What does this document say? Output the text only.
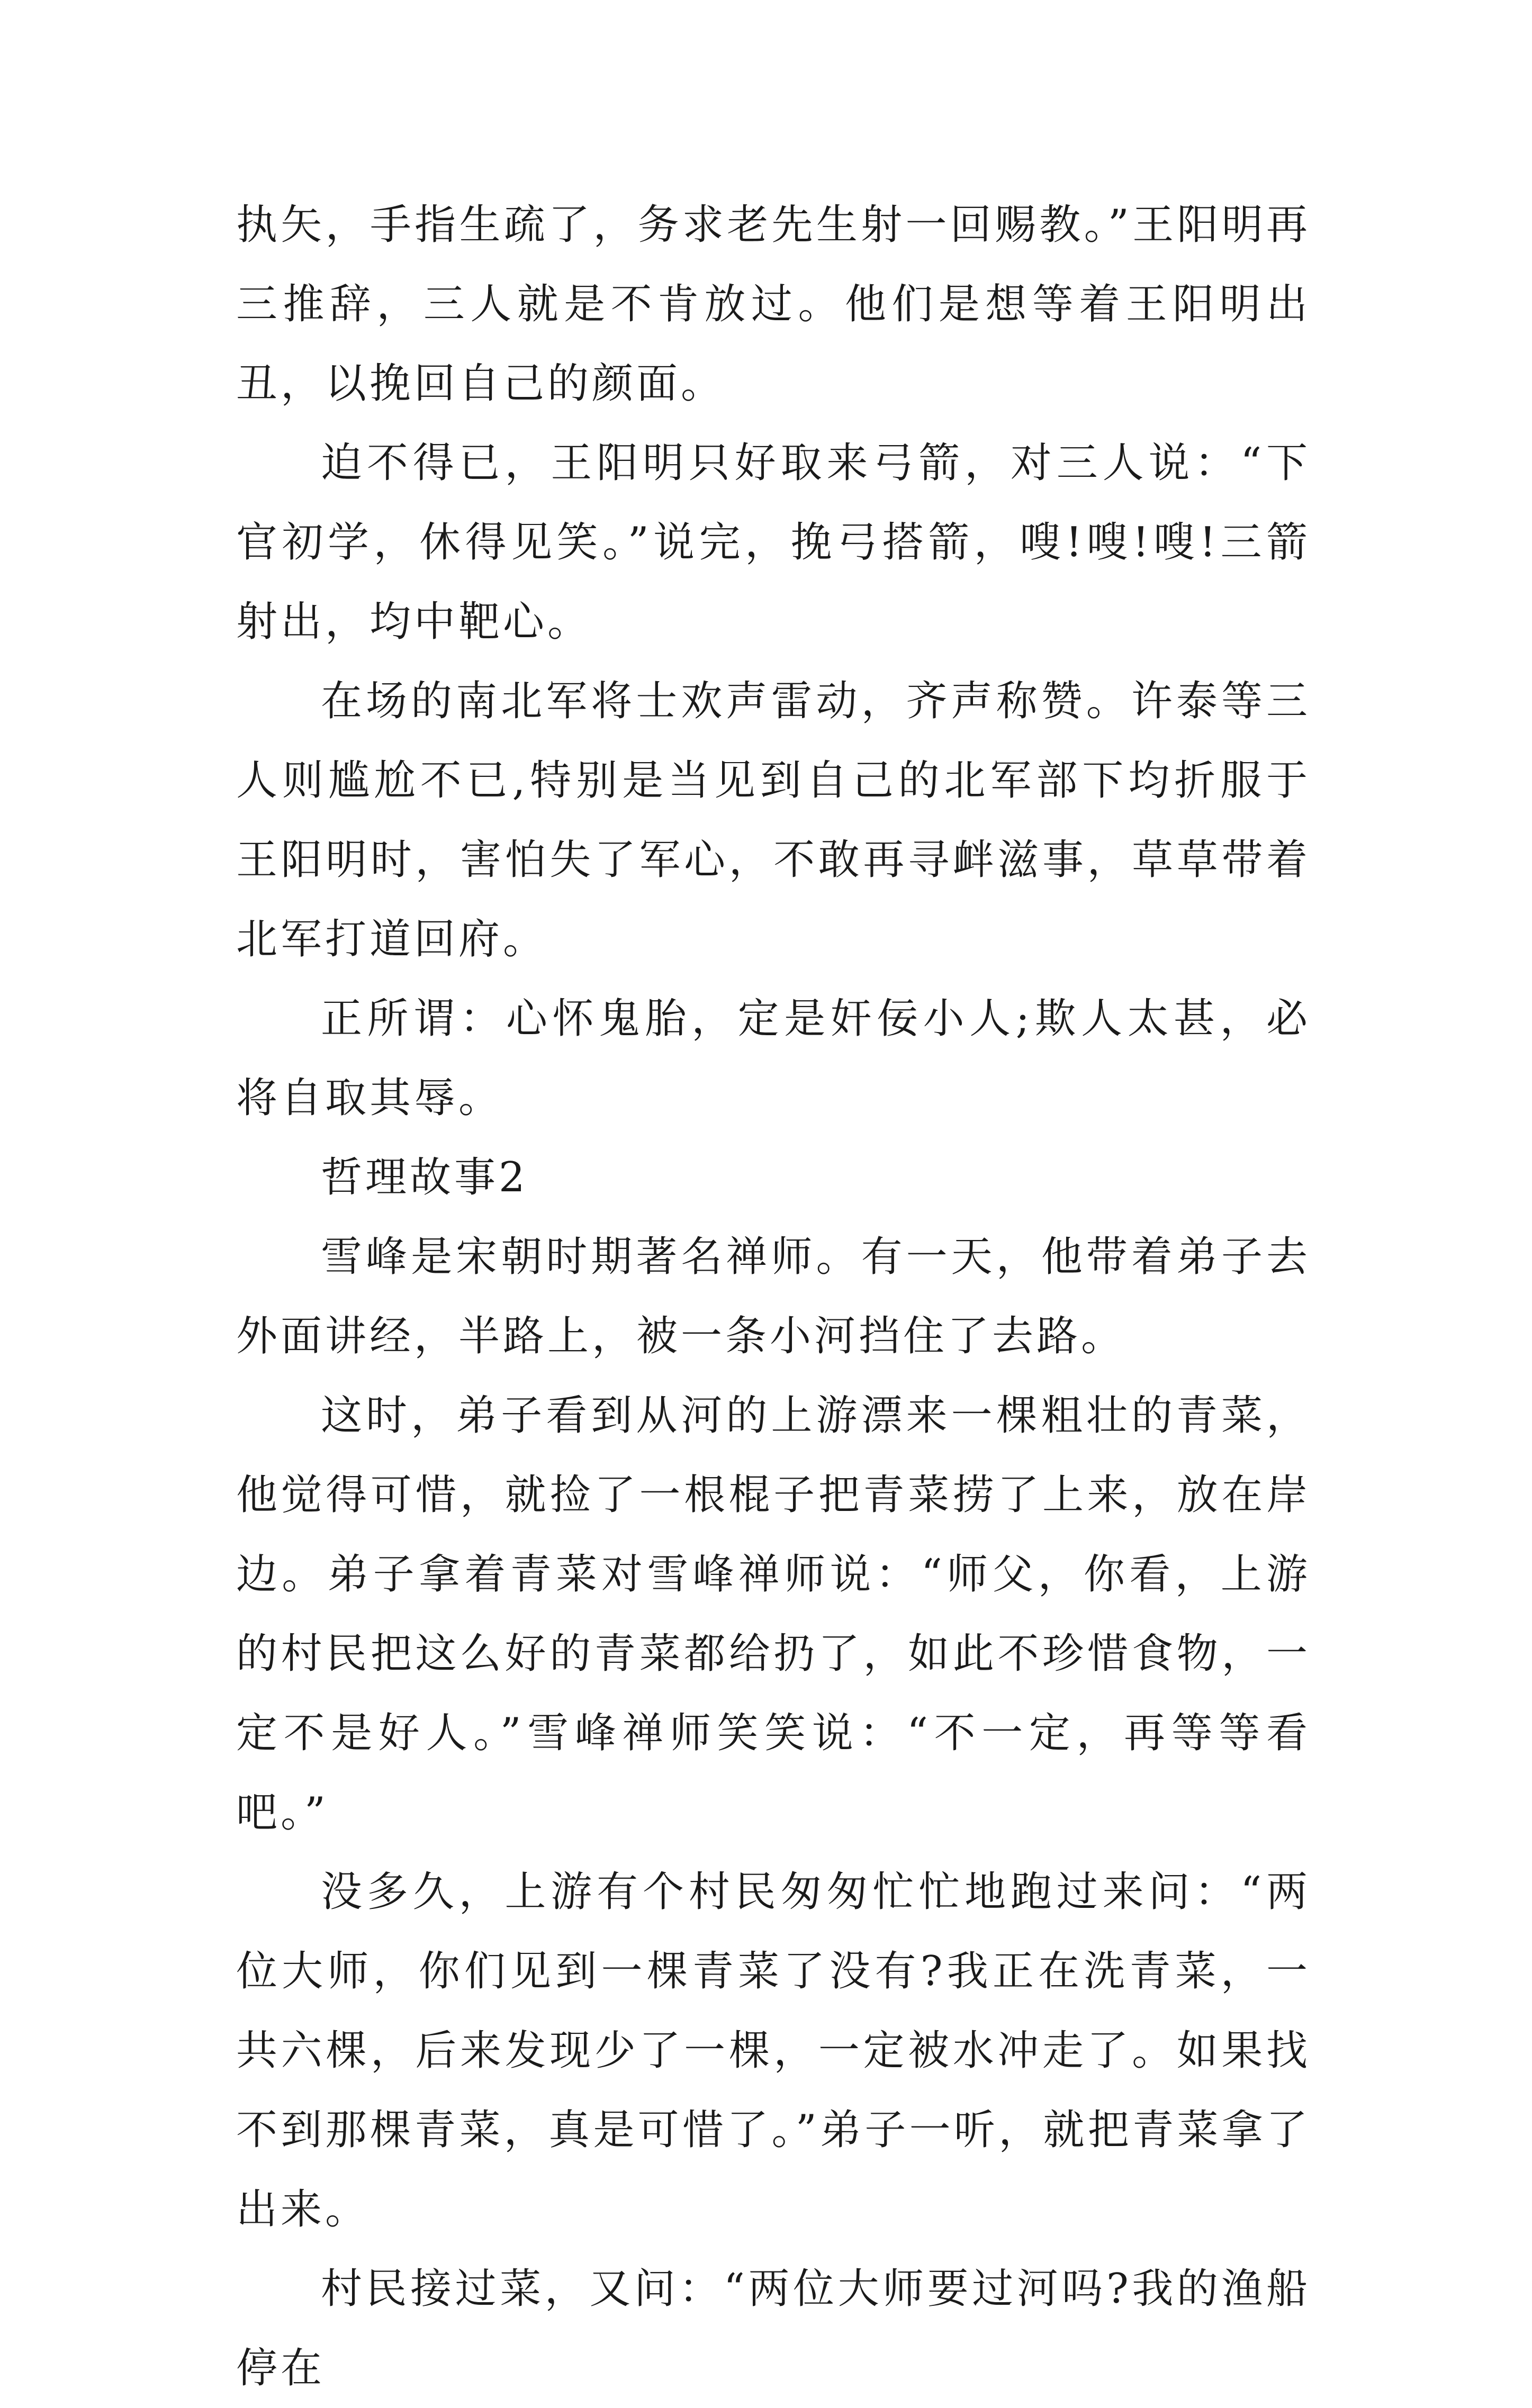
执矢，手指生疏了，务求老先生射一回赐教。”王阳明再三推辞，三人就是不肯放过。他们是想等着王阳明出丑，以挽回自己的颜面。

迫不得已，王阳明只好取来弓箭，对三人说：“下官初学，休得见笑。”说完，挽弓搭箭，嗖!嗖!嗖!三箭射出，均中靶心。

在场的南北军将士欢声雷动，齐声称赞。许泰等三人则尴尬不已,特别是当见到自己的北军部下均折服于王阳明时，害怕失了军心，不敢再寻衅滋事，草草带着北军打道回府。

正所谓：心怀鬼胎，定是奸佞小人;欺人太甚，必将自取其辱。

哲理故事2

雪峰是宋朝时期著名禅师。有一天，他带着弟子去外面讲经，半路上，被一条小河挡住了去路。

这时，弟子看到从河的上游漂来一棵粗壮的青菜，他觉得可惜，就捡了一根棍子把青菜捞了上来，放在岸边。弟子拿着青菜对雪峰禅师说：“师父，你看，上游的村民把这么好的青菜都给扔了，如此不珍惜食物，一定不是好人。”雪峰禅师笑笑说：“不一定，再等等看吧。”

没多久，上游有个村民匆匆忙忙地跑过来问：“两位大师，你们见到一棵青菜了没有?我正在洗青菜，一共六棵，后来发现少了一棵，一定被水冲走了。如果找不到那棵青菜，真是可惜了。”弟子一听，就把青菜拿了出来。

村民接过菜，又问：“两位大师要过河吗?我的渔船停在
